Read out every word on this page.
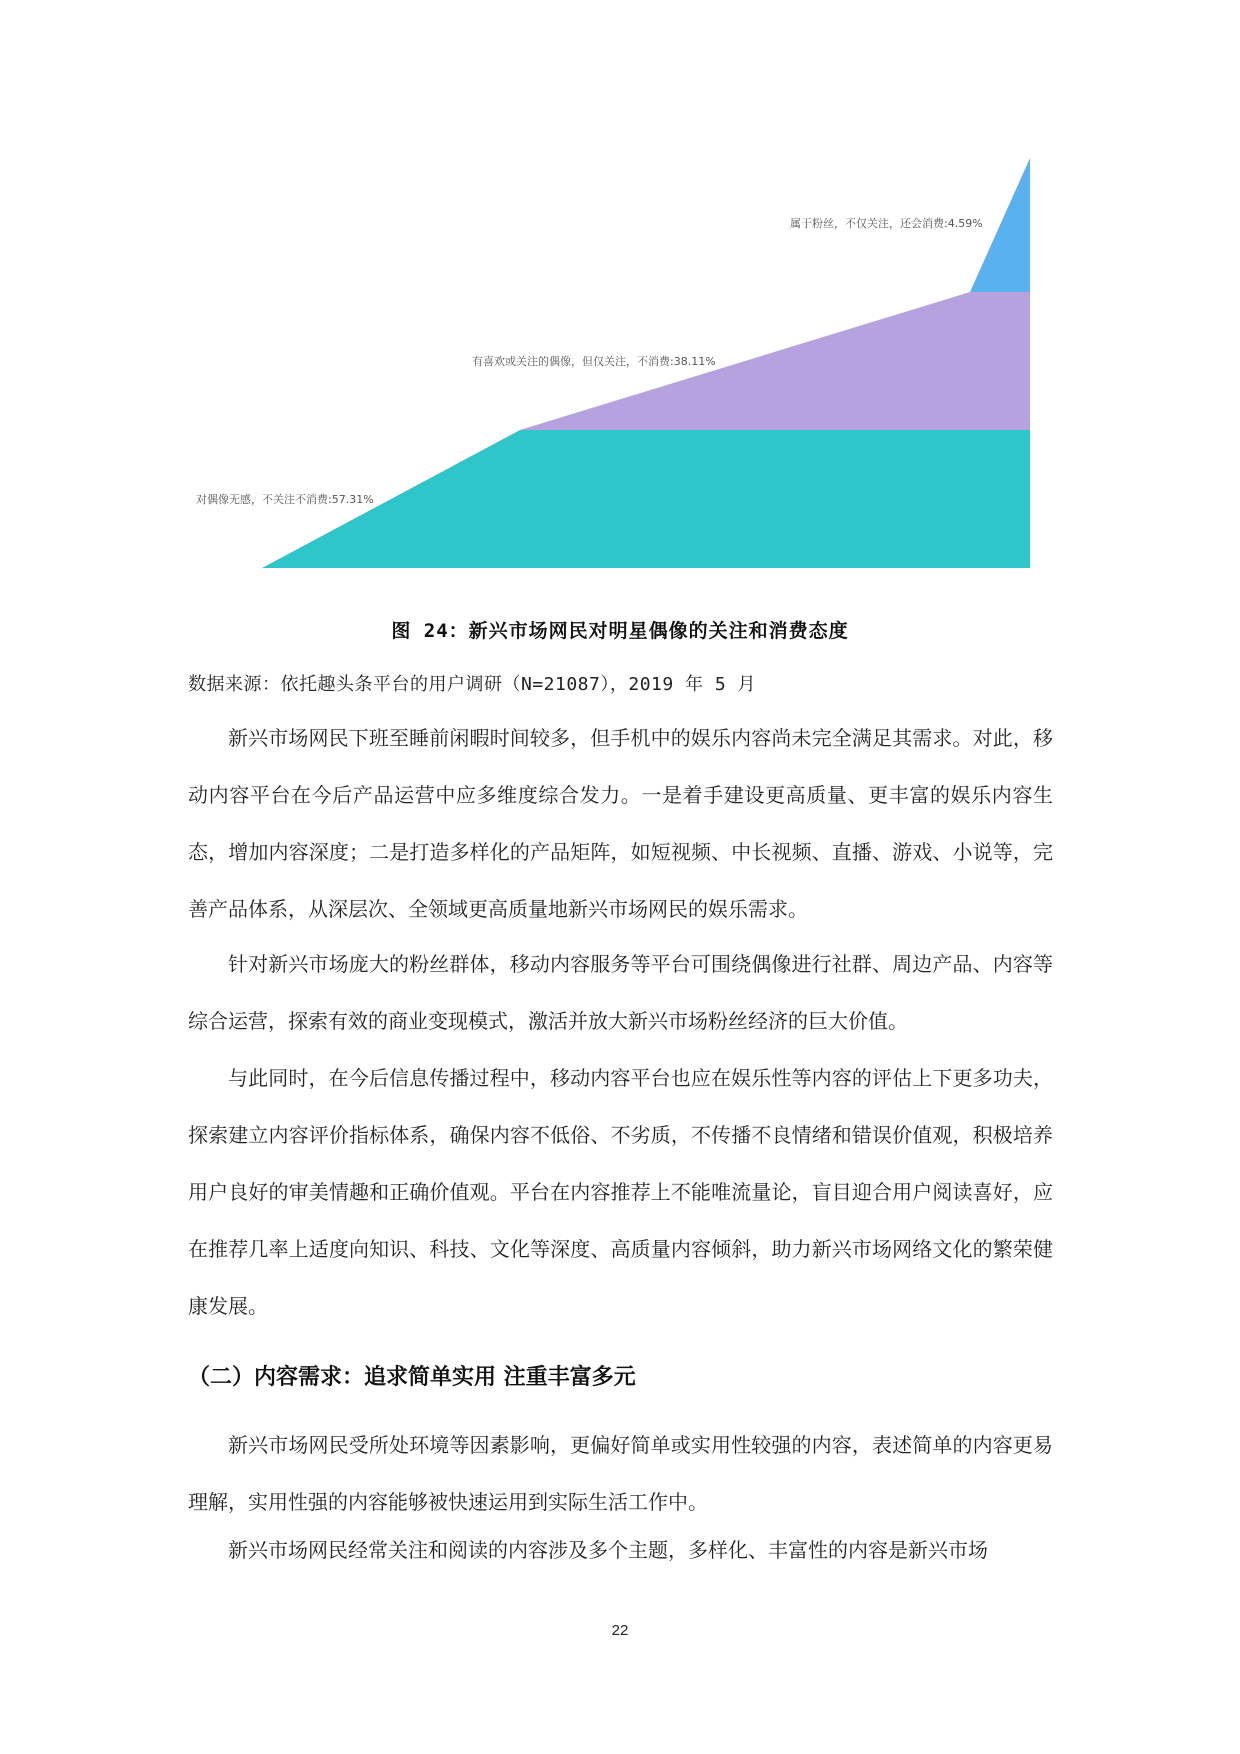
对偶像无感，不关注不消费:57.31%
有喜欢或关注的偶像，但仅关注，不消费:38.11%
属于粉丝，不仅关注，还会消费:4.59%
图 24：新兴市场网民对明星偶像的关注和消费态度
数据来源：依托趣头条平台的用户调研（N=21087），2019 年 5 月

新兴市场网民下班至睡前闲暇时间较多，但手机中的娱乐内容尚未完全满足其需求。对此，移动内容平台在今后产品运营中应多维度综合发力。一是着手建设更高质量、更丰富的娱乐内容生态，增加内容深度；二是打造多样化的产品矩阵，如短视频、中长视频、直播、游戏、小说等，完善产品体系，从深层次、全领域更高质量地新兴市场网民的娱乐需求。

针对新兴市场庞大的粉丝群体，移动内容服务等平台可围绕偶像进行社群、周边产品、内容等综合运营，探索有效的商业变现模式，激活并放大新兴市场粉丝经济的巨大价值。

与此同时，在今后信息传播过程中，移动内容平台也应在娱乐性等内容的评估上下更多功夫，探索建立内容评价指标体系，确保内容不低俗、不劣质，不传播不良情绪和错误价值观，积极培养用户良好的审美情趣和正确价值观。平台在内容推荐上不能唯流量论，盲目迎合用户阅读喜好，应在推荐几率上适度向知识、科技、文化等深度、高质量内容倾斜，助力新兴市场网络文化的繁荣健康发展。

（二）内容需求：追求简单实用 注重丰富多元

新兴市场网民受所处环境等因素影响，更偏好简单或实用性较强的内容，表述简单的内容更易理解，实用性强的内容能够被快速运用到实际生活工作中。

新兴市场网民经常关注和阅读的内容涉及多个主题，多样化、丰富性的内容是新兴市场

22
